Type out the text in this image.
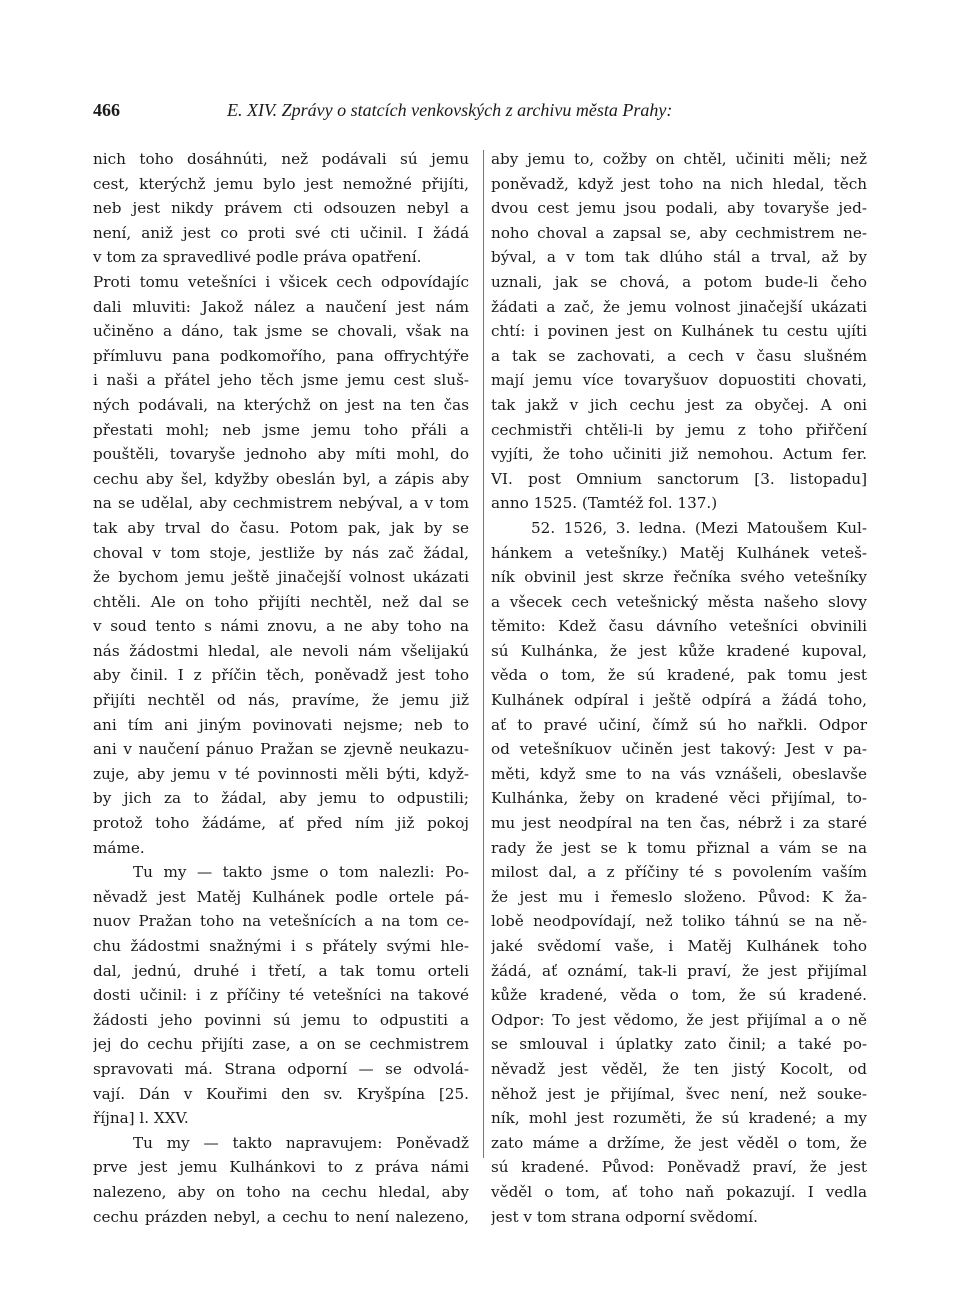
466	E. XIV. Zprávy o statcích venkovských z archivu města Prahy:
nich toho dosáhnúti, než podávali sú jemu
cest, kterýchž jemu bylo jest nemožné přijíti,
neb jest nikdy právem cti odsouzen nebyl a
není, aniž jest co proti své cti učinil. I žádá
v tom za spravedlivé podle práva opatření.
Proti tomu vetešníci i všicek cech odpovídajíc
dali mluviti: Jakož nález a naučení jest nám
učiněno a dáno, tak jsme se chovali, však na
přímluvu pana podkomořího, pana offrychtýře
i naši a přátel jeho těch jsme jemu cest sluš-
ných podávali, na kterýchž on jest na ten čas
přestati mohl; neb jsme jemu toho přáli a
pouštěli, tovaryše jednoho aby míti mohl, do
cechu aby šel, kdyžby obeslán byl, a zápis aby
na se udělal, aby cechmistrem nebýval, a v tom
tak aby trval do času. Potom pak, jak by se
choval v tom stoje, jestliže by nás zač žádal,
že bychom jemu ještě jinačejší volnost ukázati
chtěli. Ale on toho přijíti nechtěl, než dal se
v soud tento s námi znovu, a ne aby toho na
nás žádostmi hledal, ale nevoli nám všelijakú
aby činil. I z příčin těch, poněvadž jest toho
přijíti nechtěl od nás, pravíme, že jemu již
ani tím ani jiným povinovati nejsme; neb to
ani v naučení pánuo Pražan se zjevně neukazu-
zuje, aby jemu v té povinnosti měli býti, když-
by jich za to žádal, aby jemu to odpustili;
protož toho žádáme, ať před ním již pokoj
máme.
Tu my — takto jsme o tom nalezli: Po-
něvadž jest Matěj Kulhánek podle ortele pá-
nuov Pražan toho na vetešnících a na tom ce-
chu žádostmi snažnými i s přátely svými hle-
dal, jednú, druhé i třetí, a tak tomu orteli
dosti učinil: i z příčiny té vetešníci na takové
žádosti jeho povinni sú jemu to odpustiti a
jej do cechu přijíti zase, a on se cechmistrem
spravovati má. Strana odporní — se odvolá-
vají. Dán v Kouřimi den sv. Kryšpína [25.
října] l. XXV.
Tu my — takto napravujem: Poněvadž
prve jest jemu Kulhánkovi to z práva námi
nalezeno, aby on toho na cechu hledal, aby
cechu prázden nebyl, a cechu to není nalezeno,
aby jemu to, cožby on chtěl, učiniti měli; než
poněvadž, když jest toho na nich hledal, těch
dvou cest jemu jsou podali, aby tovaryše jed-
noho choval a zapsal se, aby cechmistrem ne-
býval, a v tom tak dlúho stál a trval, až by
uznali, jak se chová, a potom bude-li čeho
žádati a zač, že jemu volnost jinačejší ukázati
chtí: i povinen jest on Kulhánek tu cestu ujíti
a tak se zachovati, a cech v času slušném
mají jemu více tovaryšuov dopuostiti chovati,
tak jakž v jich cechu jest za obyčej. A oni
cechmistři chtěli-li by jemu z toho přiřčení
vyjíti, že toho učiniti již nemohou. Actum fer.
VI. post Omnium sanctorum [3. listopadu]
anno 1525. (Tamtéž fol. 137.)
52. 1526, 3. ledna. (Mezi Matoušem Kul-
hánkem a vetešníky.) Matěj Kulhánek veteš-
ník obvinil jest skrze řečníka svého vetešníky
a všecek cech vetešnický města našeho slovy
těmito: Kdež času dávního vetešníci obvinili
sú Kulhánka, že jest kůže kradené kupoval,
věda o tom, že sú kradené, pak tomu jest
Kulhánek odpíral i ještě odpírá a žádá toho,
ať to pravé učiní, čímž sú ho nařkli. Odpor
od vetešníkuov učiněn jest takový: Jest v pa-
měti, když sme to na vás vznášeli, obeslavše
Kulhánka, žeby on kradené věci přijímal, to-
mu jest neodpíral na ten čas, nébrž i za staré
rady že jest se k tomu přiznal a vám se na
milost dal, a z příčiny té s povolením vaším
že jest mu i řemeslo složeno. Původ: K ža-
lobě neodpovídají, než toliko táhnú se na ně-
jaké svědomí vaše, i Matěj Kulhánek toho
žádá, ať oznámí, tak-li praví, že jest přijímal
kůže kradené, věda o tom, že sú kradené.
Odpor: To jest vědomo, že jest přijímal a o ně
se smlouval i úplatky zato činil; a také po-
něvadž jest věděl, že ten jistý Kocolt, od
něhož jest je přijímal, švec není, než souke-
ník, mohl jest rozuměti, že sú kradené; a my
zato máme a držíme, že jest věděl o tom, že
sú kradené. Původ: Poněvadž praví, že jest
věděl o tom, ať toho naň pokazují. I vedla
jest v tom strana odporní svědomí.
